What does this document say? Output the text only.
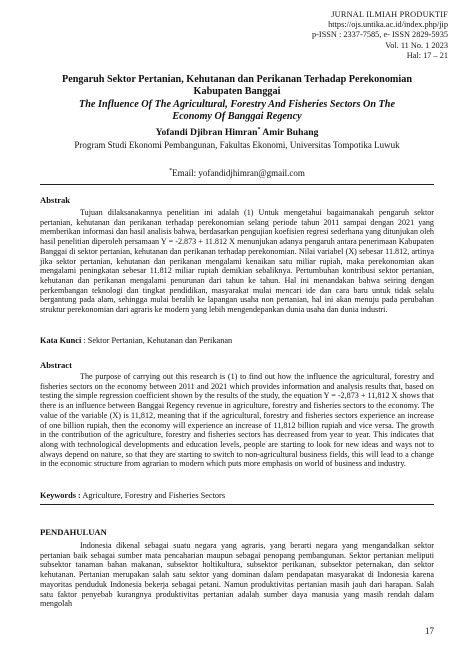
JURNAL ILMIAH PRODUKTIF
https://ojs.untika.ac.id/index.php/jip
p-ISSN : 2337-7585, e- ISSN 2829-5935
Vol. 11 No. 1 2023
Hal: 17 – 21

Pengaruh Sektor Pertanian, Kehutanan dan Perikanan Terhadap Perekonomian
Kabupaten Banggai

The Influence Of The Agricultural, Forestry And Fisheries Sectors On The
Economy Of Banggai Regency

Yofandi Djibran Himran* Amir Buhang
Program Studi Ekonomi Pembangunan, Fakultas Ekonomi, Universitas Tompotika Luwuk
*Email: yofandidjhimran@gmail.com
Abstrak

Tujuan dilaksanakannya penelitian ini adalah (1) Untuk mengetahui bagaimanakah pengaruh sektor pertanian, kehutanan dan perikanan terhadap perekonomian selang periode tahun 2011 sampai dengan 2021 yang memberikan informasi dan hasil analisis bahwa, berdasarkan pengujian koefisien regresi sederhana yang ditunjukan oleh hasil penelitian diperoleh persamaan Y = -2.873 + 11.812 X menunjukan adanya pengaruh antara penerimaan Kabupaten Banggai di sektor pertanian, kehutanan dan perikanan terhadap perekonomian. Nilai variabel (X) sebesar 11.812, artinya jika sektor pertanian, kehutanan dan perikanan mengalami kenaikan satu miliar rupiah, maka perekonomian akan mengalami peningkatan sebesar 11.812 miliar rupiah demikian sebaliknya. Pertumbuhan kontribusi sektor pertanian, kehutanan dan perikanan mengalami penurunan dari tahun ke tahun. Hal ini menandakan bahwa seiring dengan perkembangan teknologi dan tingkat pendidikan, masyarakat mulai mencari ide dan cara baru untuk tidak selalu bergantung pada alam, sehingga mulai beralih ke lapangan usaha non pertanian, hal ini akan menuju pada perubahan struktur perekonomian dari agraris ke modern yang lebih mengendepankan dunia usaha dan dunia industri.

Kata Kunci : Sektor Pertanian, Kehutanan dan Perikanan
Abstract

The purpose of carrying out this research is (1) to find out how the influence the agricultural, forestry and fisheries sectors on the economy between 2011 and 2021 which provides information and analysis results that, based on testing the simple regression coefficient shown by the results of the study, the equation Y = -2,873 + 11,812 X shows that there is an influence between Banggai Regency revenue in agriculture, forestry and fisheries sectors to the economy. The value of the variable (X) is 11,812, meaning that if the agricultural, forestry and fisheries sectors experience an increase of one billion rupiah, then the economy will experience an increase of 11,812 billion rupiah and vice versa. The growth in the contribution of the agriculture, forestry and fisheries sectors has decreased from year to year. This indicates that along with technological developments and education levels, people are starting to look for new ideas and ways not to always depend on nature, so that they are starting to switch to non-agricultural business fields, this will lead to a change in the economic structure from agrarian to modern which puts more emphasis on world of business and industry.

Keywords : Agriculture, Forestry and Fisheries Sectors
PENDAHULUAN

Indonesia dikenal sebagai suatu negara yang agraris, yang berarti negara yang mengandalkan sektor pertanian baik sebagai sumber mata pencaharian maupun sebagai penopang pembangunan. Sektor pertanian meliputi subsektor tanaman bahan makanan, subsektor holtikultura, subsektor perikanan, subsektor peternakan, dan sektor kehutanan. Pertanian merupakan salah satu sektor yang dominan dalam pendapatan masyarakat di Indonesia karena mayoritas penduduk Indonesia bekerja sebagai petani. Namun produktivitas pertanian masih jauh dari harapan. Salah satu faktor penyebab kurangnya produktivitas pertanian adalah sumber daya manusia yang masih rendah dalam mengolah

17
